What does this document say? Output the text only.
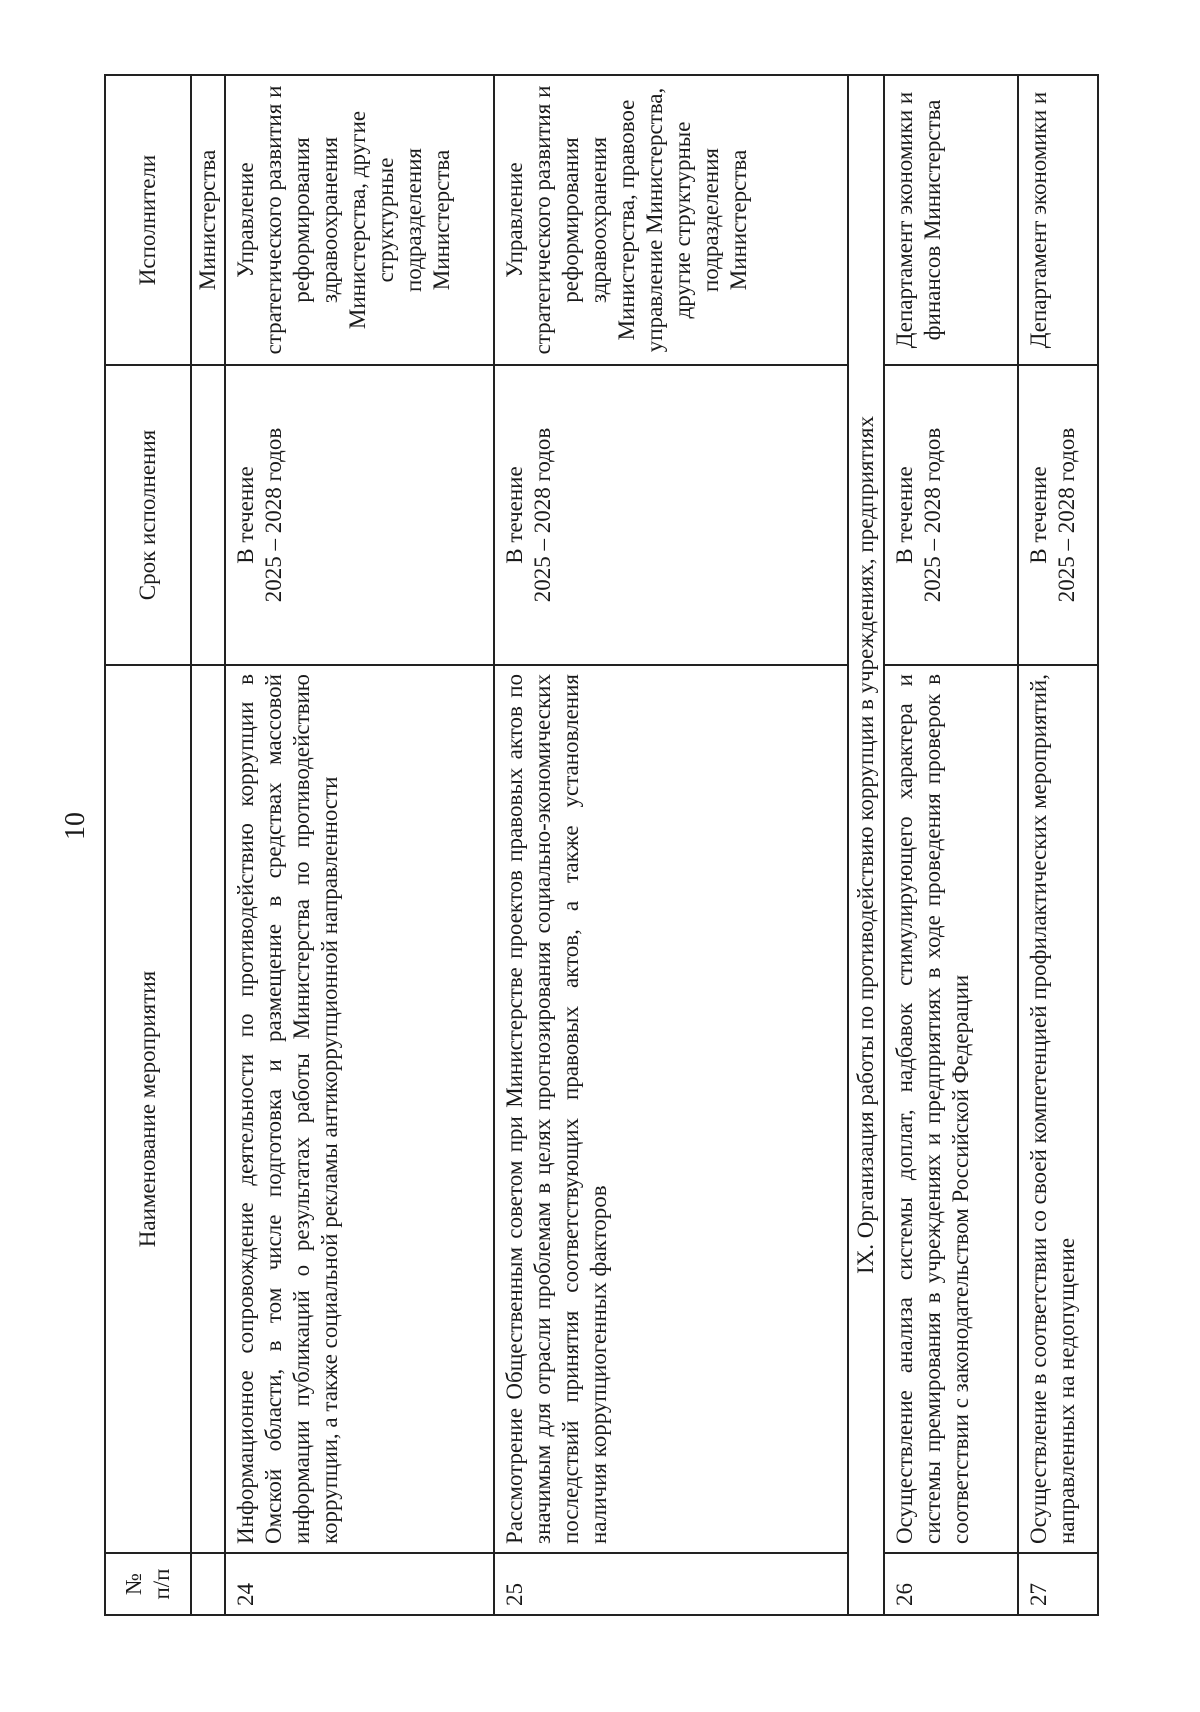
10
№ п/п	Наименование мероприятия	Срок исполнения	Исполнители
			Министерства
24	Информационное сопровождение деятельности по противодействию коррупции в Омской области, в том числе подготовка и размещение в средствах массовой информации публикаций о результатах работы Министерства по противодействию коррупции, а также социальной рекламы антикоррупционной направленности	В течение 2025 – 2028 годов	Управление стратегического развития и реформирования здравоохранения Министерства, другие структурные подразделения Министерства
25	Рассмотрение Общественным советом при Министерстве проектов правовых актов по значимым для отрасли проблемам в целях прогнозирования социально-экономических последствий принятия соответствующих правовых актов, а также установления наличия коррупциогенных факторов	В течение 2025 – 2028 годов	Управление стратегического развития и реформирования здравоохранения Министерства, правовое управление Министерства, другие структурные подразделения Министерства
IX. Организация работы по противодействию коррупции в учреждениях, предприятиях			
26	Осуществление анализа системы доплат, надбавок стимулирующего характера и системы премирования в учреждениях и предприятиях в ходе проведения проверок в соответствии с законодательством Российской Федерации	В течение 2025 – 2028 годов	Департамент экономики и финансов Министерства
27	Осуществление в соответствии со своей компетенцией профилактических мероприятий, направленных на недопущение	В течение 2025 – 2028 годов	Департамент экономики и
